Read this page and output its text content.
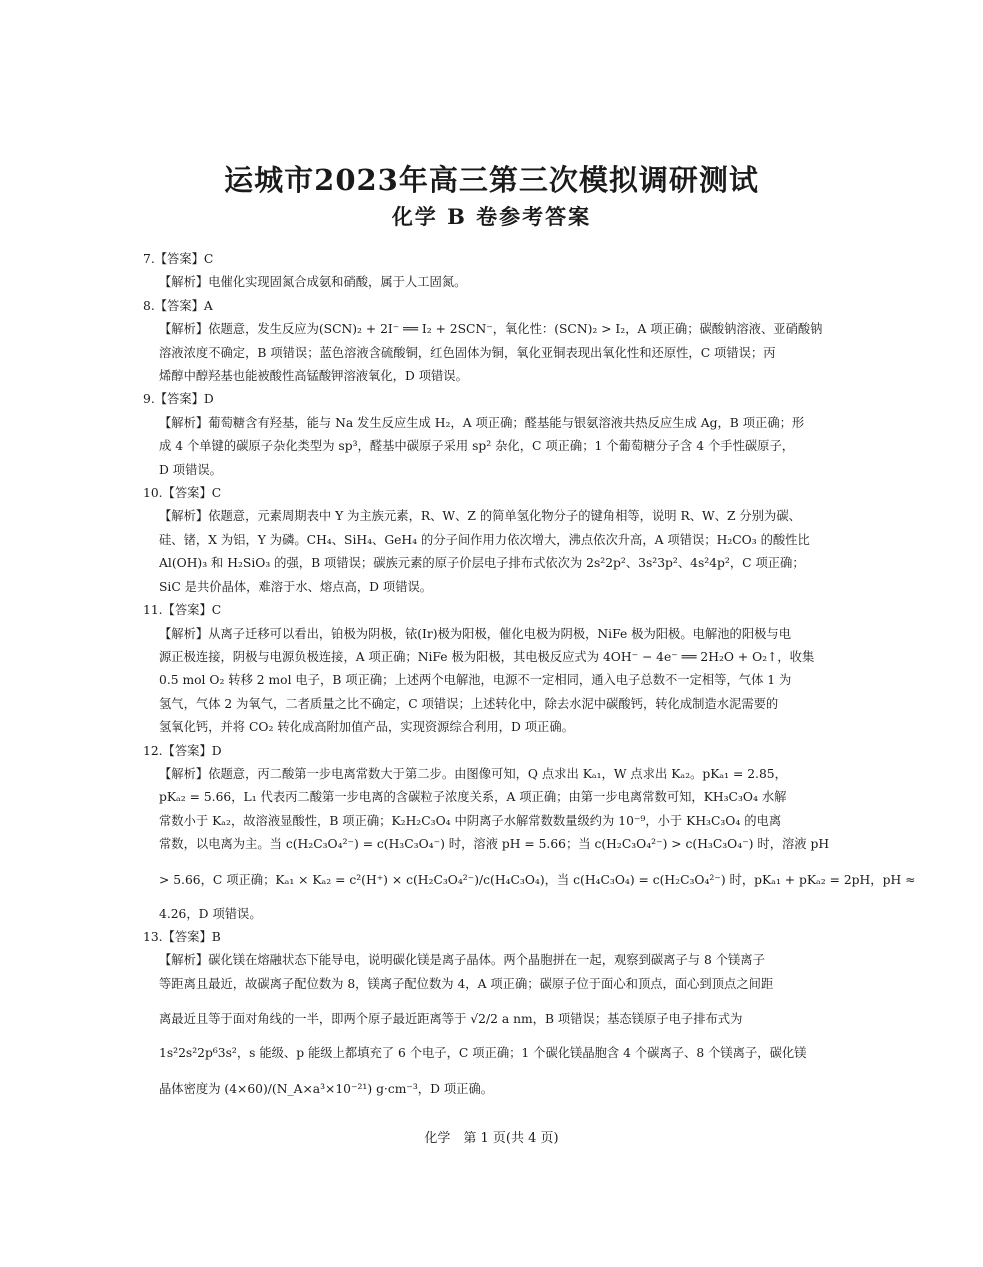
运城市2023年高三第三次模拟调研测试
化学 B 卷参考答案

7.【答案】C

【解析】电催化实现固氮合成氨和硝酸，属于人工固氮。

8.【答案】A

【解析】依题意，发生反应为(SCN)₂ + 2I⁻ ══ I₂ + 2SCN⁻，氧化性：(SCN)₂ > I₂，A 项正确；碳酸钠溶液、亚硝酸钠
溶液浓度不确定，B 项错误；蓝色溶液含硫酸铜，红色固体为铜，氧化亚铜表现出氧化性和还原性，C 项错误；丙
烯醇中醇羟基也能被酸性高锰酸钾溶液氧化，D 项错误。

9.【答案】D

【解析】葡萄糖含有羟基，能与 Na 发生反应生成 H₂，A 项正确；醛基能与银氨溶液共热反应生成 Ag，B 项正确；形
成 4 个单键的碳原子杂化类型为 sp³，醛基中碳原子采用 sp² 杂化，C 项正确；1 个葡萄糖分子含 4 个手性碳原子，
D 项错误。

10.【答案】C

【解析】依题意，元素周期表中 Y 为主族元素，R、W、Z 的简单氢化物分子的键角相等，说明 R、W、Z 分别为碳、
硅、锗，X 为铝，Y 为磷。CH₄、SiH₄、GeH₄ 的分子间作用力依次增大，沸点依次升高，A 项错误；H₂CO₃ 的酸性比
Al(OH)₃ 和 H₂SiO₃ 的强，B 项错误；碳族元素的原子价层电子排布式依次为 2s²2p²、3s²3p²、4s²4p²，C 项正确；
SiC 是共价晶体，难溶于水、熔点高，D 项错误。

11.【答案】C

【解析】从离子迁移可以看出，铂极为阴极，铱(Ir)极为阳极，催化电极为阴极，NiFe 极为阳极。电解池的阳极与电
源正极连接，阴极与电源负极连接，A 项正确；NiFe 极为阳极，其电极反应式为 4OH⁻ − 4e⁻ ══ 2H₂O + O₂↑，收集
0.5 mol O₂ 转移 2 mol 电子，B 项正确；上述两个电解池，电源不一定相同，通入电子总数不一定相等，气体 1 为
氢气，气体 2 为氧气，二者质量之比不确定，C 项错误；上述转化中，除去水泥中碳酸钙，转化成制造水泥需要的
氢氧化钙，并将 CO₂ 转化成高附加值产品，实现资源综合利用，D 项正确。

12.【答案】D

【解析】依题意，丙二酸第一步电离常数大于第二步。由图像可知，Q 点求出 Kₐ₁，W 点求出 Kₐ₂。pKₐ₁ = 2.85，
pKₐ₂ = 5.66，L₁ 代表丙二酸第一步电离的含碳粒子浓度关系，A 项正确；由第一步电离常数可知，KH₃C₃O₄ 水解
常数小于 Kₐ₂，故溶液显酸性，B 项正确；K₂H₂C₃O₄ 中阴离子水解常数数量级约为 10⁻⁹，小于 KH₃C₃O₄ 的电离
常数，以电离为主。当 c(H₂C₃O₄²⁻) = c(H₃C₃O₄⁻) 时，溶液 pH = 5.66；当 c(H₂C₃O₄²⁻) > c(H₃C₃O₄⁻) 时，溶液 pH
> 5.66，C 项正确；Kₐ₁ × Kₐ₂ = c²(H⁺) × c(H₂C₃O₄²⁻)/c(H₄C₃O₄)，当 c(H₄C₃O₄) = c(H₂C₃O₄²⁻) 时，pKₐ₁ + pKₐ₂ = 2pH，pH ≈
4.26，D 项错误。

13.【答案】B

【解析】碳化镁在熔融状态下能导电，说明碳化镁是离子晶体。两个晶胞拼在一起，观察到碳离子与 8 个镁离子
等距离且最近，故碳离子配位数为 8，镁离子配位数为 4，A 项正确；碳原子位于面心和顶点，面心到顶点之间距
离最近且等于面对角线的一半，即两个原子最近距离等于 √2/2 a nm，B 项错误；基态镁原子电子排布式为
1s²2s²2p⁶3s²，s 能级、p 能级上都填充了 6 个电子，C 项正确；1 个碳化镁晶胞含 4 个碳离子、8 个镁离子，碳化镁
晶体密度为 (4×60)/(N_A×a³×10⁻²¹) g·cm⁻³，D 项正确。
化学　第 1 页(共 4 页)
